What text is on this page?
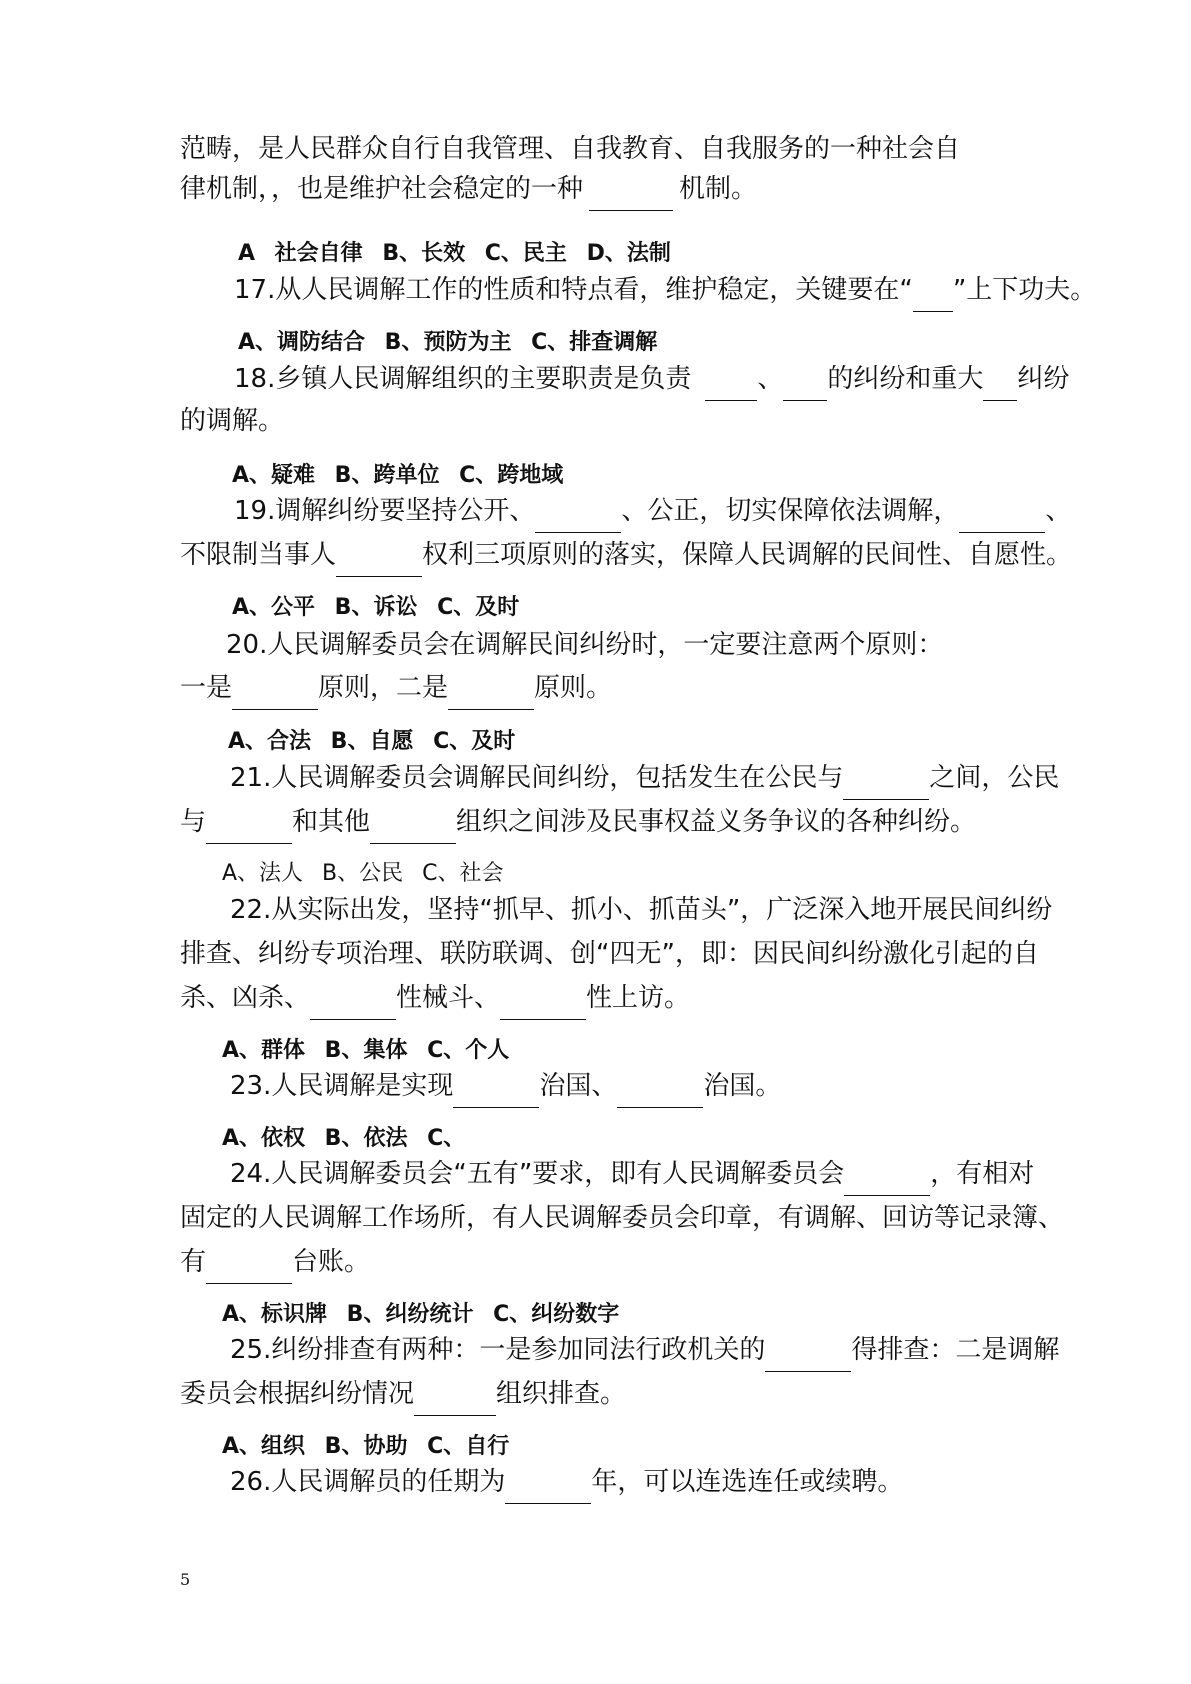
范畴，是人民群众自行自我管理、自我教育、自我服务的一种社会自
律机制，，也是维护社会稳定的一种	机制。
A 社会自律 B、长效 C、民主 D、法制
17.从人民调解工作的性质和特点看，维护稳定，关键要在“ ”上下功夫。
A、调防结合 B、预防为主 C、排查调解
18.乡镇人民调解组织的主要职责是负责	、 的纠纷和重大 纠纷
的调解。
A、疑难 B、跨单位 C、跨地域
19.调解纠纷要坚持公开、	、公正，切实保障依法调解，	、
不限制当事人	权利三项原则的落实，保障人民调解的民间性、自愿性。
A、公平 B、诉讼 C、及时
20.人民调解委员会在调解民间纠纷时，一定要注意两个原则：
一是	原则，二是	原则。
A、合法 B、自愿 C、及时
21.人民调解委员会调解民间纠纷，包括发生在公民与	之间，公民
与	和其他	组织之间涉及民事权益义务争议的各种纠纷。
A、法人 B、公民 C、社会
22.从实际出发，坚持“抓早、抓小、抓苗头”，广泛深入地开展民间纠纷
排查、纠纷专项治理、联防联调、创“四无”，即：因民间纠纷激化引起的自
杀、凶杀、	性械斗、	性上访。
A、群体 B、集体 C、个人
23.人民调解是实现	治国、	治国。
A、依权 B、依法 C、
24.人民调解委员会“五有”要求，即有人民调解委员会	，有相对
固定的人民调解工作场所，有人民调解委员会印章，有调解、回访等记录簿、
有	台账。
A、标识牌 B、纠纷统计 C、纠纷数字
25.纠纷排查有两种：一是参加同法行政机关的	得排查：二是调解
委员会根据纠纷情况	组织排查。
A、组织 B、协助 C、自行
26.人民调解员的任期为	年，可以连选连任或续聘。
5
